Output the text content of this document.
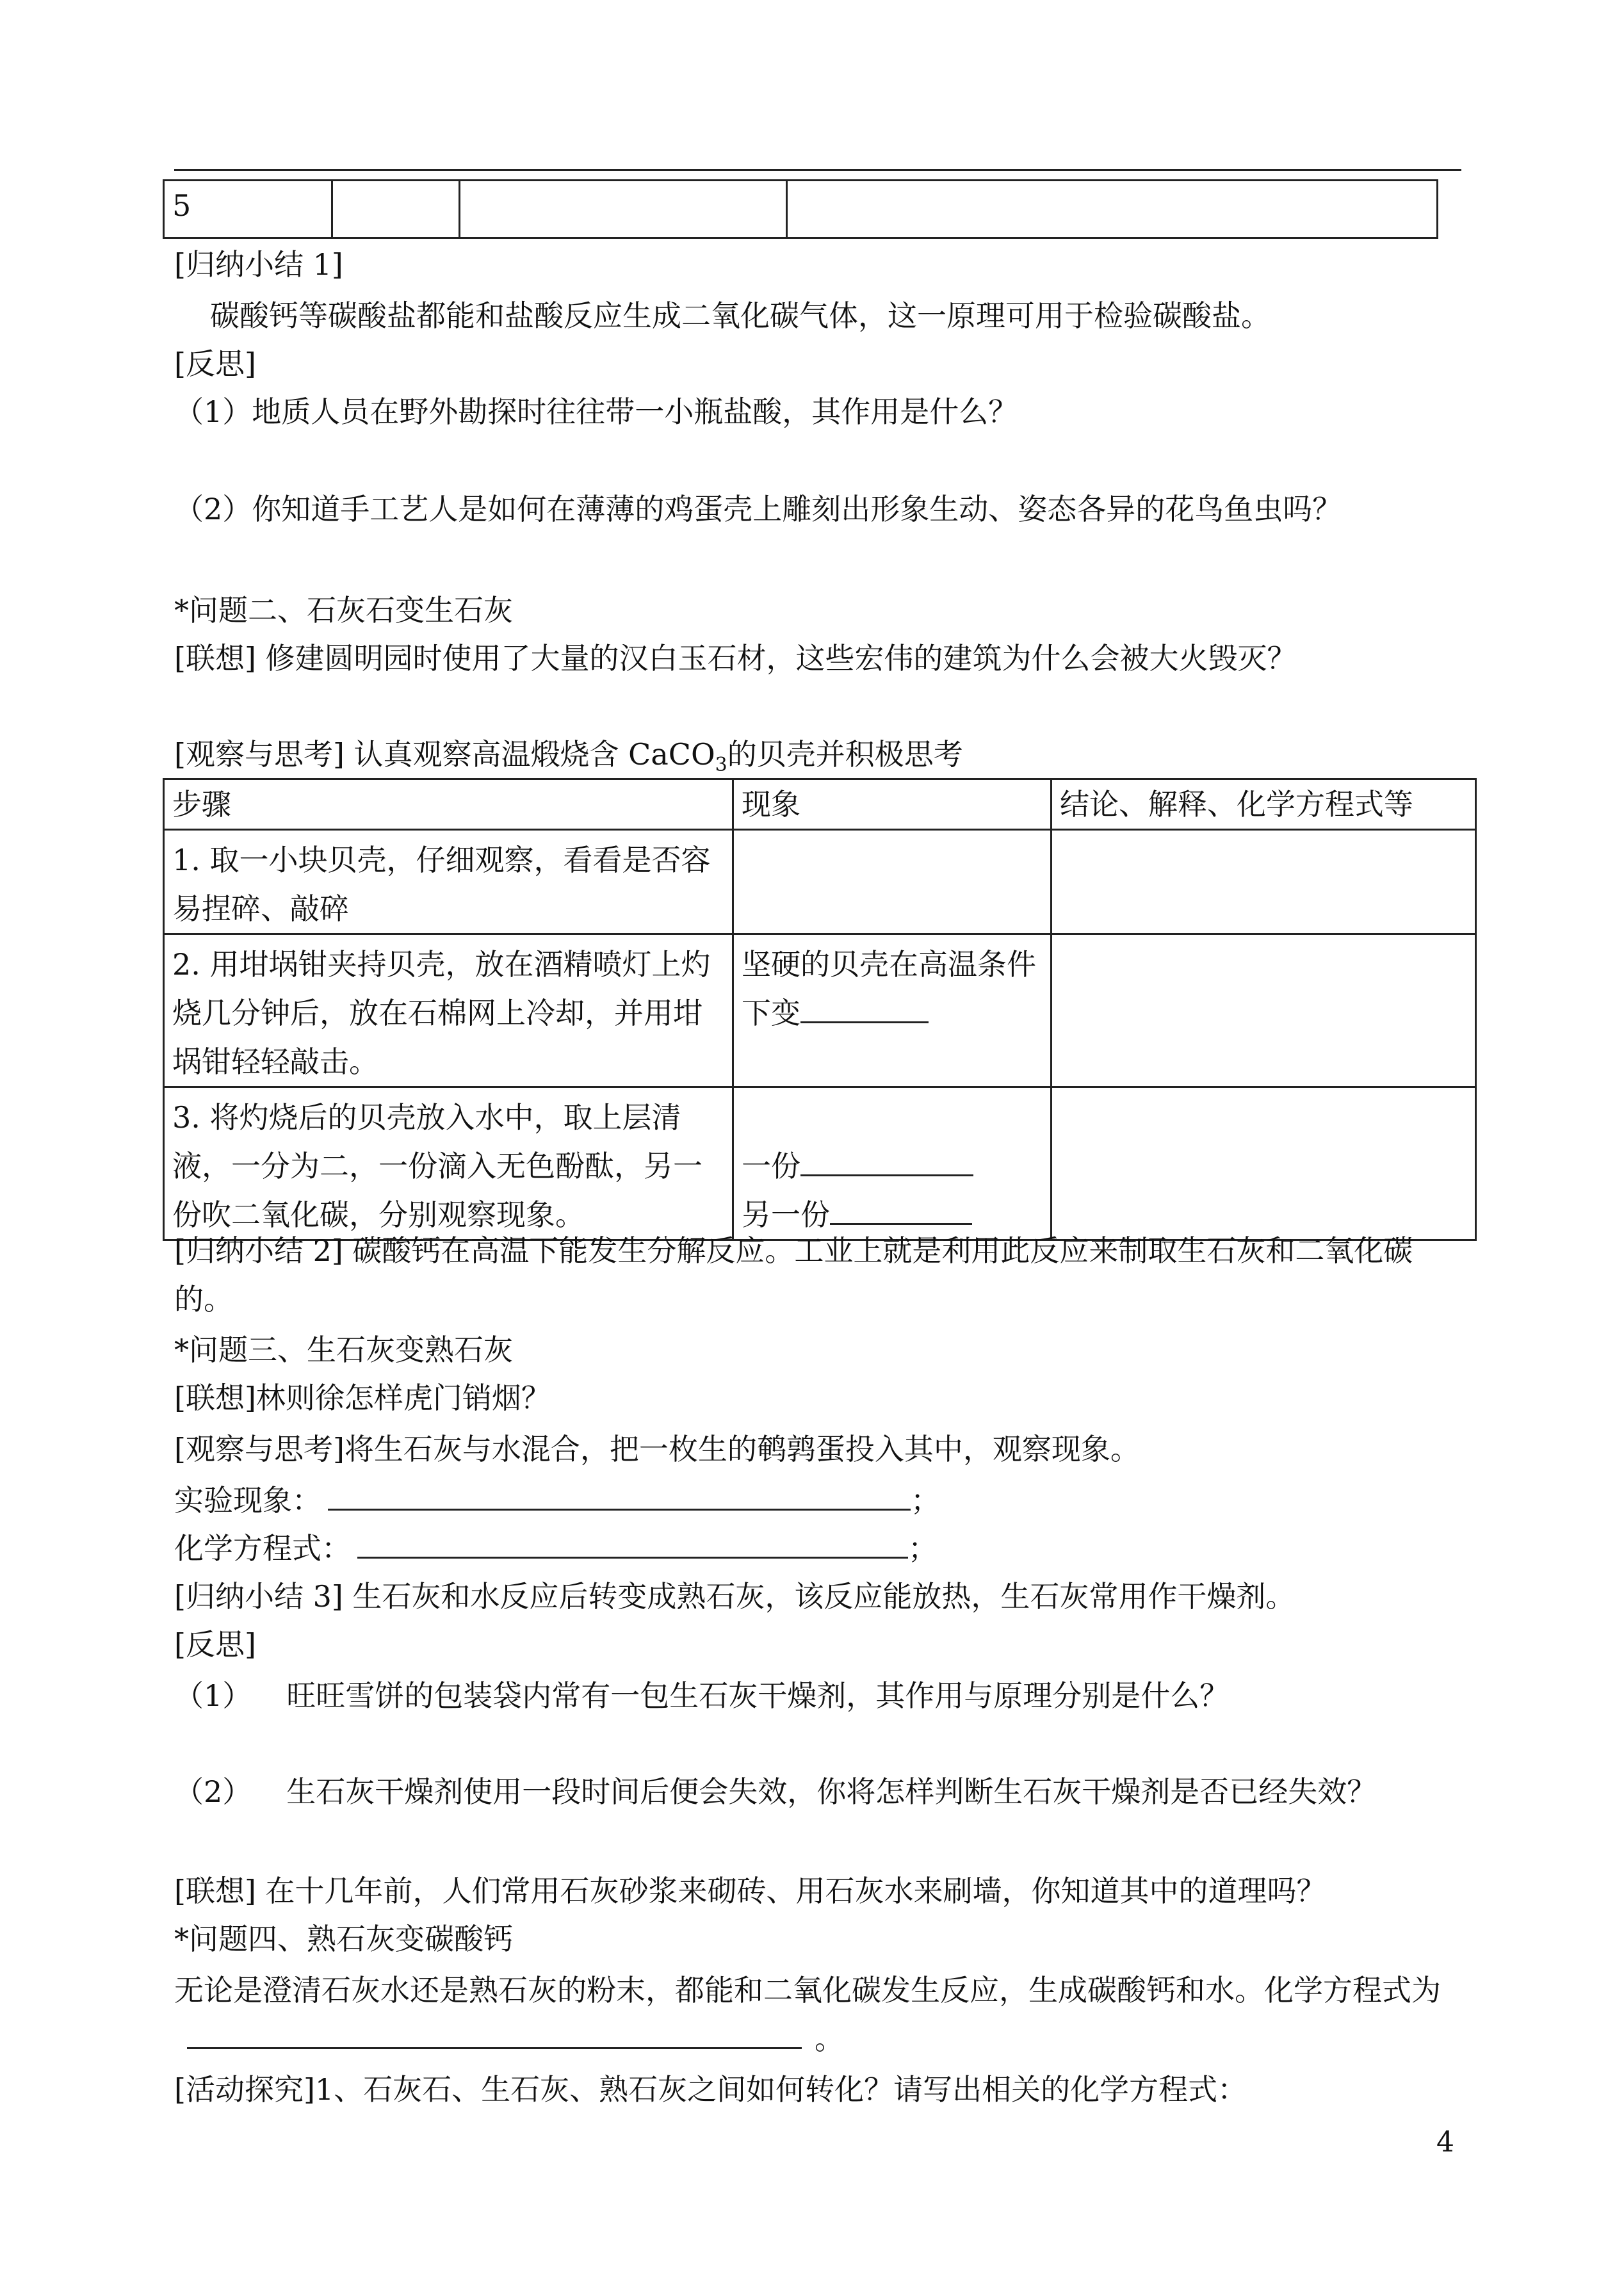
5			
[归纳小结 1]
碳酸钙等碳酸盐都能和盐酸反应生成二氧化碳气体，这一原理可用于检验碳酸盐。
[反思]
（1）地质人员在野外勘探时往往带一小瓶盐酸，其作用是什么？
（2）你知道手工艺人是如何在薄薄的鸡蛋壳上雕刻出形象生动、姿态各异的花鸟鱼虫吗？
*问题二、石灰石变生石灰
[联想] 修建圆明园时使用了大量的汉白玉石材，这些宏伟的建筑为什么会被大火毁灭？
[观察与思考] 认真观察高温煅烧含 CaCO$_3$的贝壳并积极思考
步骤	现象	结论、解释、化学方程式等
1. 取一小块贝壳，仔细观察，看看是否容易捏碎、敲碎		
2. 用坩埚钳夹持贝壳，放在酒精喷灯上灼烧几分钟后，放在石棉网上冷却，并用坩埚钳轻轻敲击。	坚硬的贝壳在高温条件下变	
3. 将灼烧后的贝壳放入水中，取上层清液，一分为二，一份滴入无色酚酞，另一份吹二氧化碳，分别观察现象。	一份
另一份	

[归纳小结 2] 碳酸钙在高温下能发生分解反应。工业上就是利用此反应来制取生石灰和二氧化碳的。
*问题三、生石灰变熟石灰
[联想]林则徐怎样虎门销烟？
[观察与思考]将生石灰与水混合，把一枚生的鹌鹑蛋投入其中，观察现象。
实验现象：	；
化学方程式：	；
[归纳小结 3] 生石灰和水反应后转变成熟石灰，该反应能放热，生石灰常用作干燥剂。
[反思]
（1） 旺旺雪饼的包装袋内常有一包生石灰干燥剂，其作用与原理分别是什么？
（2） 生石灰干燥剂使用一段时间后便会失效，你将怎样判断生石灰干燥剂是否已经失效？
[联想] 在十几年前，人们常用石灰砂浆来砌砖、用石灰水来刷墙，你知道其中的道理吗？
*问题四、熟石灰变碳酸钙
无论是澄清石灰水还是熟石灰的粉末，都能和二氧化碳发生反应，生成碳酸钙和水。化学方程式为。
[活动探究]1、石灰石、生石灰、熟石灰之间如何转化？请写出相关的化学方程式：
4
